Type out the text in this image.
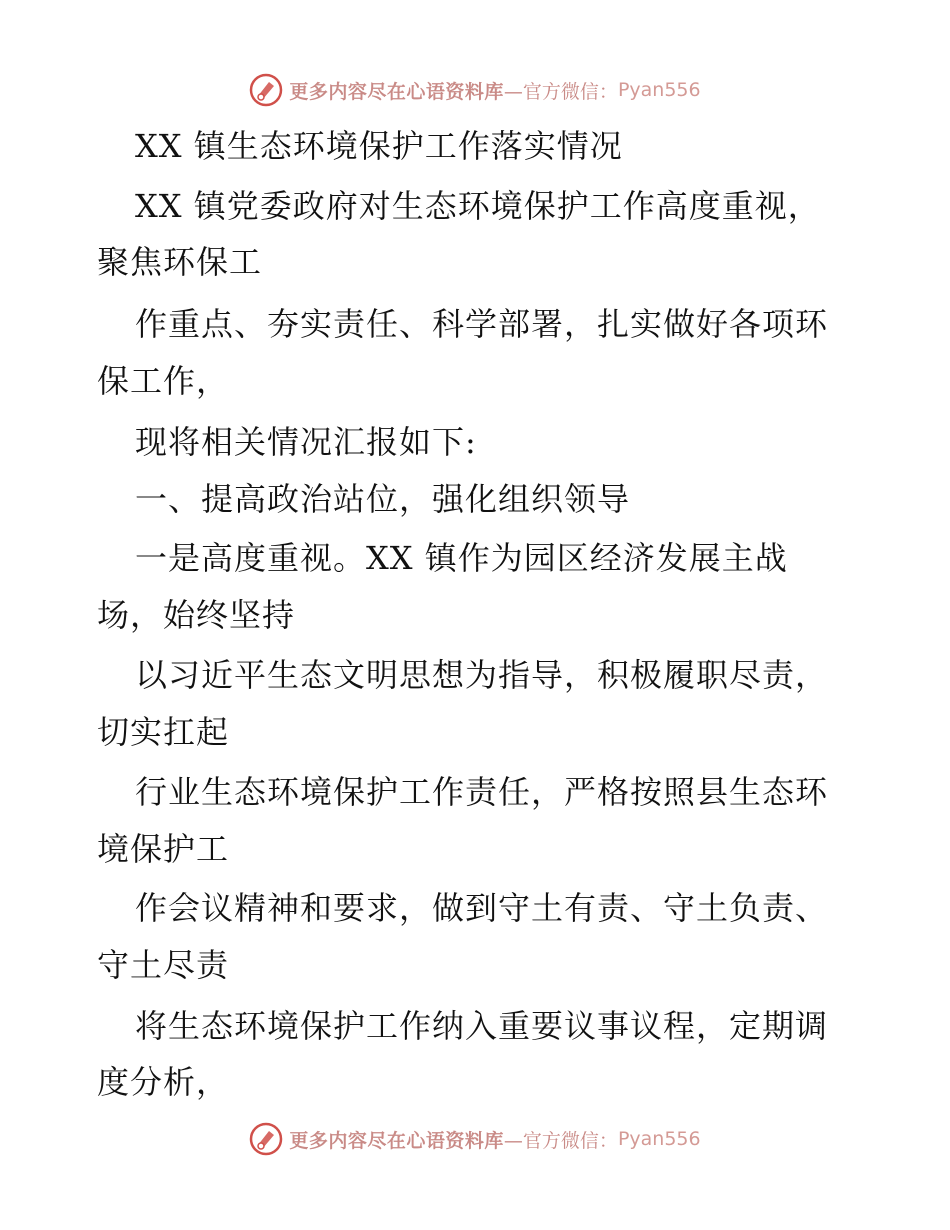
更多内容尽在心语资料库 —官方微信： Pyan556
XX 镇生态环境保护工作落实情况
XX 镇党委政府对生态环境保护工作高度重视，
聚焦环保工
作重点、夯实责任、科学部署，扎实做好各项环
保工作，
现将相关情况汇报如下:
一、提高政治站位，强化组织领导
一是高度重视。XX 镇作为园区经济发展主战
场，始终坚持
以习近平生态文明思想为指导，积极履职尽责，
切实扛起
行业生态环境保护工作责任，严格按照县生态环
境保护工
作会议精神和要求，做到守土有责、守土负责、
守土尽责
将生态环境保护工作纳入重要议事议程，定期调
度分析，
更多内容尽在心语资料库 —官方微信： Pyan556
